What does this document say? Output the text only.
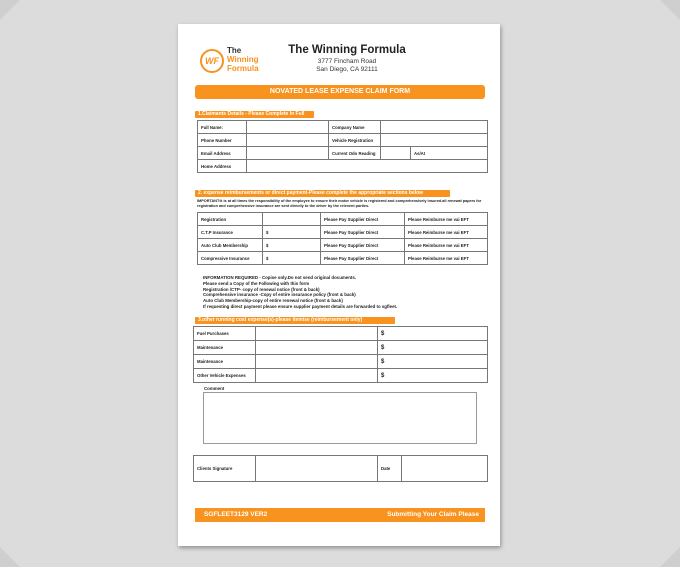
WF
The
Winning
Formula
The Winning Formula
3777 Fincham Road
San Diego, CA 92111
NOVATED LEASE EXPENSE CLAIM FORM
1.Claimants Details - Please Complete In Full
Full Name:		Company Name		
Phone Number		Vehicle Registration		
Email Address		Current Odo Reading		As/At
Home Address				
2. expense reimbursements or direct payment-Please complete the appropriate sections below
IMPORTANT:it is at all times the responsibility of the employee to ensure their motor vehicle is registered and comprehensively insured.all renewal papers for registration and comprehensive insurance are sent directly to the driver by the relevent parties.
Registration		Please Pay Supplier Direct	Please Reimburse me vai EFT
C.T.P Insurance	$	Please Pay Supplier Direct	Please Reimburse me vai EFT
Auto Club Membership	$	Please Pay Supplier Direct	Please Reimburse me vai EFT
Compressive Insurance	$	Please Pay Supplier Direct	Please Reimburse me vai EFT
INFORMATION REQUIRED - Copise only.Do not send original documents.
Please send a Copy of the Following with this form
Registration /CTP- copy of renewal notice (front & back)
Comprehensive insurance -Copy of entire insurance policy (front & back)
Auto Club Membership-copy of entire renewal notice (front & back)
If requesting direct payment please ensure supplier payment details are forwarded to sgfleet.
3.other running cost expense(s)-please itemise (reimbursement only)
Fuel Purchases		$
Maintenance		$
Maintenance		$
Other Vehicle Expenses		$
Comment
Clients Signature		Date	
SGFLEET3129 VER2	Submitting Your Claim Please
